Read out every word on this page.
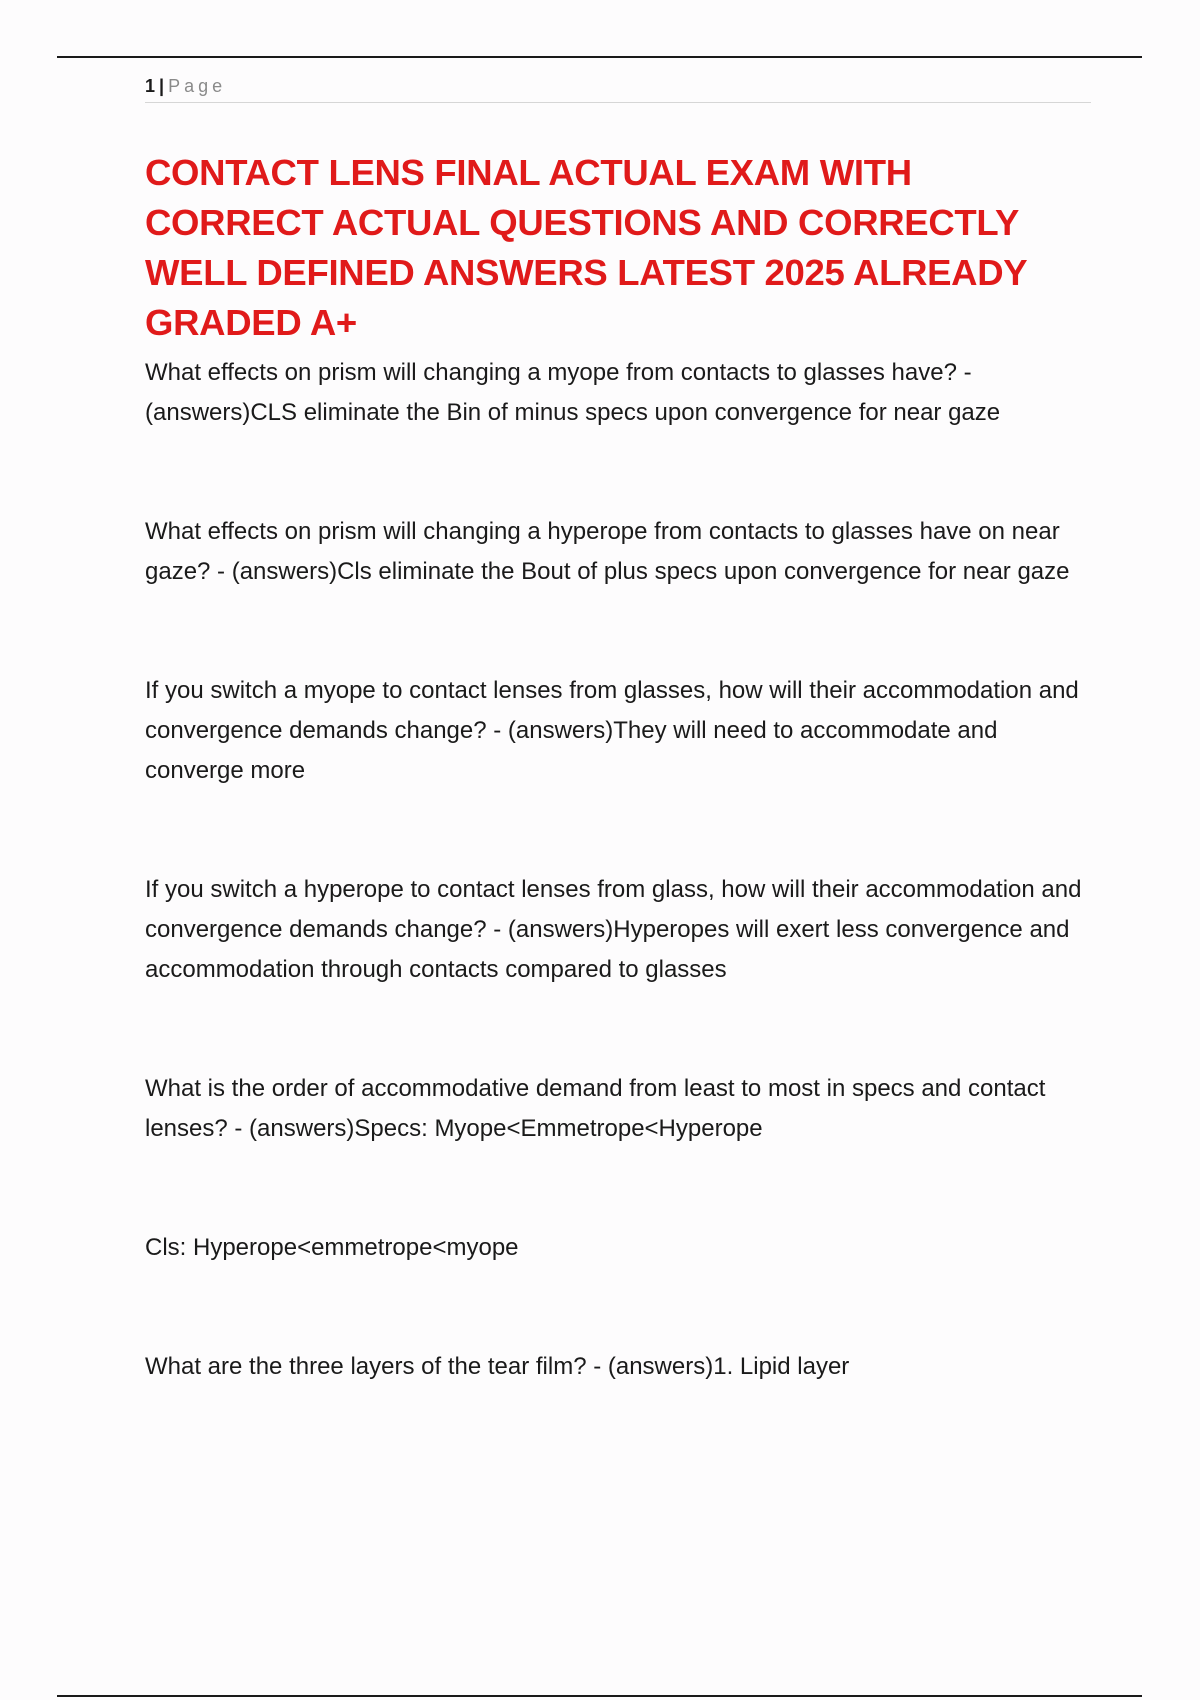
1 | Page
CONTACT LENS FINAL ACTUAL EXAM WITH CORRECT ACTUAL QUESTIONS AND CORRECTLY WELL DEFINED ANSWERS LATEST 2025 ALREADY GRADED A+

What effects on prism will changing a myope from contacts to glasses have? - (answers)CLS eliminate the Bin of minus specs upon convergence for near gaze

What effects on prism will changing a hyperope from contacts to glasses have on near gaze? - (answers)Cls eliminate the Bout of plus specs upon convergence for near gaze

If you switch a myope to contact lenses from glasses, how will their accommodation and convergence demands change? - (answers)They will need to accommodate and converge more

If you switch a hyperope to contact lenses from glass, how will their accommodation and convergence demands change? - (answers)Hyperopes will exert less convergence and accommodation through contacts compared to glasses

What is the order of accommodative demand from least to most in specs and contact lenses? - (answers)Specs: Myope<Emmetrope<Hyperope

Cls: Hyperope<emmetrope<myope

What are the three layers of the tear film? - (answers)1. Lipid layer
